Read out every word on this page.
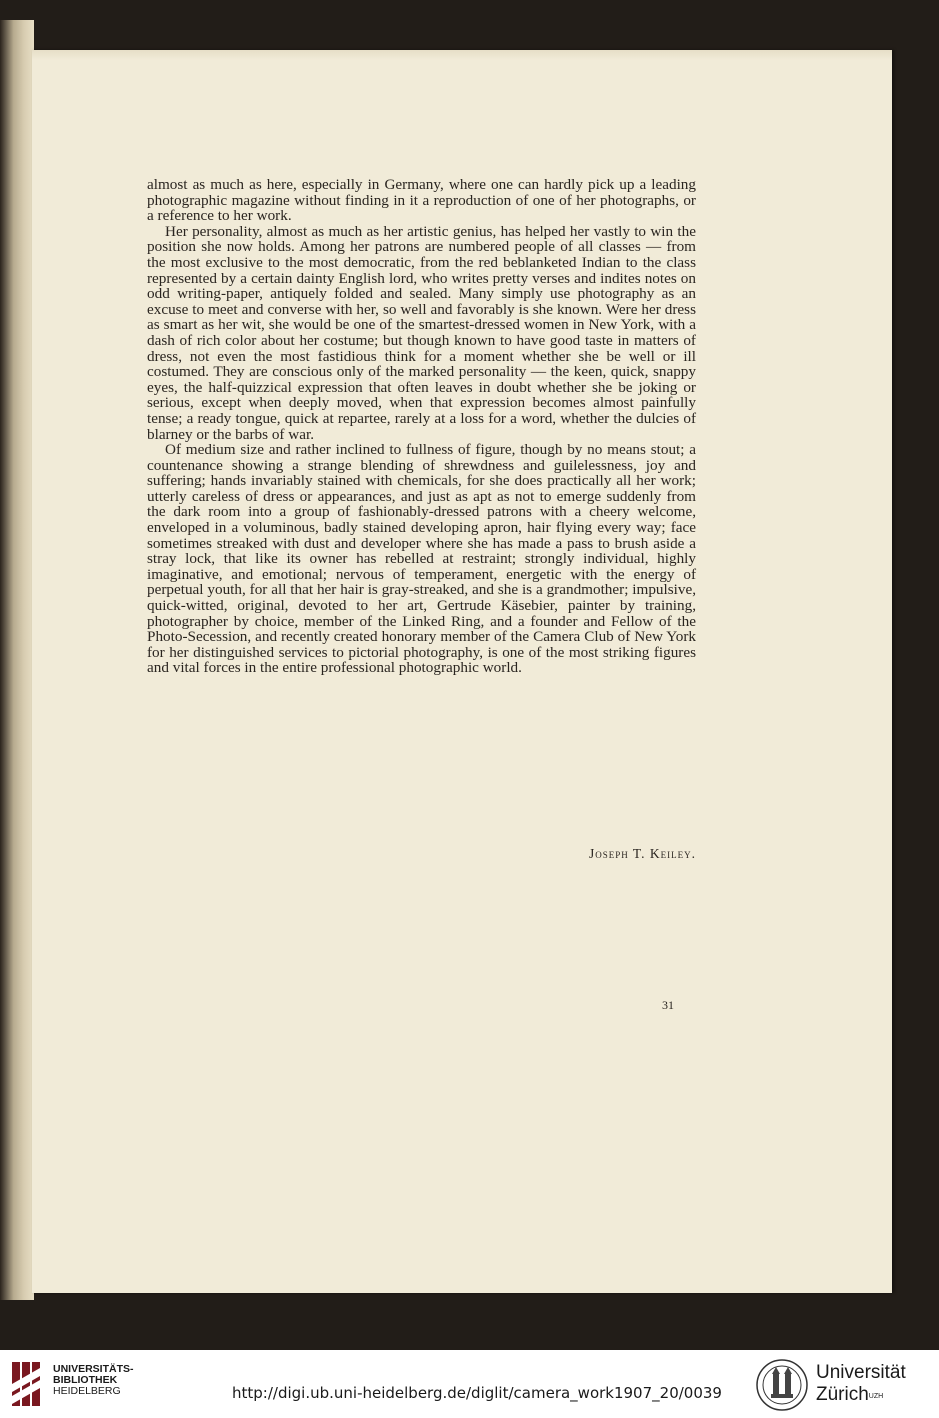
almost as much as here, especially in Germany, where one can hardly pick up a leading photographic magazine without finding in it a reproduction of one of her photographs, or a reference to her work.

Her personality, almost as much as her artistic genius, has helped her vastly to win the position she now holds. Among her patrons are numbered people of all classes — from the most exclusive to the most democratic, from the red beblanketed Indian to the class represented by a certain dainty English lord, who writes pretty verses and indites notes on odd writing-paper, antiquely folded and sealed. Many simply use photography as an excuse to meet and converse with her, so well and favorably is she known. Were her dress as smart as her wit, she would be one of the smartest-dressed women in New York, with a dash of rich color about her costume; but though known to have good taste in matters of dress, not even the most fastidious think for a moment whether she be well or ill costumed. They are conscious only of the marked personality — the keen, quick, snappy eyes, the half-quizzical expression that often leaves in doubt whether she be joking or serious, except when deeply moved, when that expression becomes almost painfully tense; a ready tongue, quick at repartee, rarely at a loss for a word, whether the dulcies of blarney or the barbs of war.

Of medium size and rather inclined to fullness of figure, though by no means stout; a countenance showing a strange blending of shrewdness and guilelessness, joy and suffering; hands invariably stained with chemicals, for she does practically all her work; utterly careless of dress or appearances, and just as apt as not to emerge suddenly from the dark room into a group of fashionably-dressed patrons with a cheery welcome, enveloped in a voluminous, badly stained developing apron, hair flying every way; face sometimes streaked with dust and developer where she has made a pass to brush aside a stray lock, that like its owner has rebelled at restraint; strongly individual, highly imaginative, and emotional; nervous of temperament, energetic with the energy of perpetual youth, for all that her hair is gray-streaked, and she is a grandmother; impulsive, quick-witted, original, devoted to her art, Gertrude Käsebier, painter by training, photographer by choice, member of the Linked Ring, and a founder and Fellow of the Photo-Secession, and recently created honorary member of the Camera Club of New York for her distinguished services to pictorial photography, is one of the most striking figures and vital forces in the entire professional photographic world.

Joseph T. Keiley.
31
UNIVERSITÄTS-
BIBLIOTHEK
HEIDELBERG	http://digi.ub.uni-heidelberg.de/diglit/camera_work1907_20/0039
Universität
Zürich$^{UZH}$
